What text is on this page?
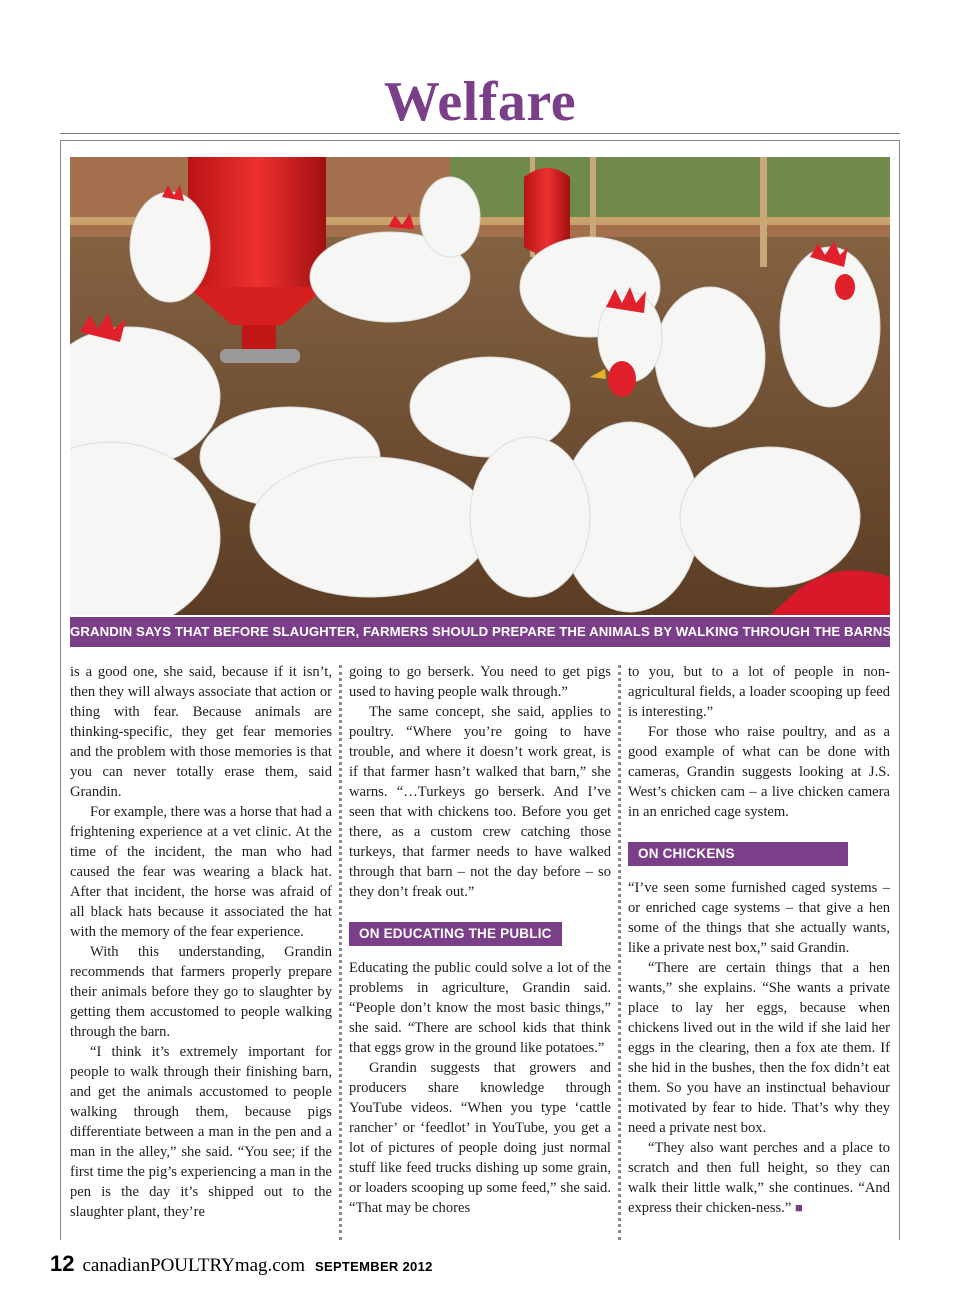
Welfare
GRANDIN SAYS THAT BEFORE SLAUGHTER, FARMERS SHOULD PREPARE THE ANIMALS BY WALKING THROUGH THE BARNS.

is a good one, she said, because if it isn’t, then they will always associate that action or thing with fear. Because animals are thinking-specific, they get fear memories and the problem with those memories is that you can never totally erase them, said Grandin.

For example, there was a horse that had a frightening experience at a vet clinic. At the time of the incident, the man who had caused the fear was wearing a black hat. After that incident, the horse was afraid of all black hats because it associated the hat with the memory of the fear experience.

With this understanding, Grandin recommends that farmers properly prepare their animals before they go to slaughter by getting them accustomed to people walking through the barn.

“I think it’s extremely important for people to walk through their finishing barn, and get the animals accustomed to people walking through them, because pigs differentiate between a man in the pen and a man in the alley,” she said. “You see; if the first time the pig’s experiencing a man in the pen is the day it’s shipped out to the slaughter plant, they’re

going to go berserk. You need to get pigs used to having people walk through.”

The same concept, she said, applies to poultry. “Where you’re going to have trouble, and where it doesn’t work great, is if that farmer hasn’t walked that barn,” she warns. “…Turkeys go berserk. And I’ve seen that with chickens too. Before you get there, as a custom crew catching those turkeys, that farmer needs to have walked through that barn – not the day before – so they don’t freak out.”

ON EDUCATING THE PUBLIC

Educating the public could solve a lot of the problems in agriculture, Grandin said. “People don’t know the most basic things,” she said. “There are school kids that think that eggs grow in the ground like potatoes.”

Grandin suggests that growers and producers share knowledge through YouTube videos. “When you type ‘cattle rancher’ or ‘feedlot’ in YouTube, you get a lot of pictures of people doing just normal stuff like feed trucks dishing up some grain, or loaders scooping up some feed,” she said. “That may be chores

to you, but to a lot of people in non-agricultural fields, a loader scooping up feed is interesting.”

For those who raise poultry, and as a good example of what can be done with cameras, Grandin suggests looking at J.S. West’s chicken cam – a live chicken camera in an enriched cage system.

ON CHICKENS

“I’ve seen some furnished caged systems – or enriched cage systems – that give a hen some of the things that she actually wants, like a private nest box,” said Grandin.

“There are certain things that a hen wants,” she explains. “She wants a private place to lay her eggs, because when chickens lived out in the wild if she laid her eggs in the clearing, then a fox ate them. If she hid in the bushes, then the fox didn’t eat them. So you have an instinctual behaviour motivated by fear to hide. That’s why they need a private nest box.

“They also want perches and a place to scratch and then full height, so they can walk their little walk,” she continues. “And express their chicken-ness.” ■

12 canadianPOULTRYmag.com SEPTEMBER 2012
